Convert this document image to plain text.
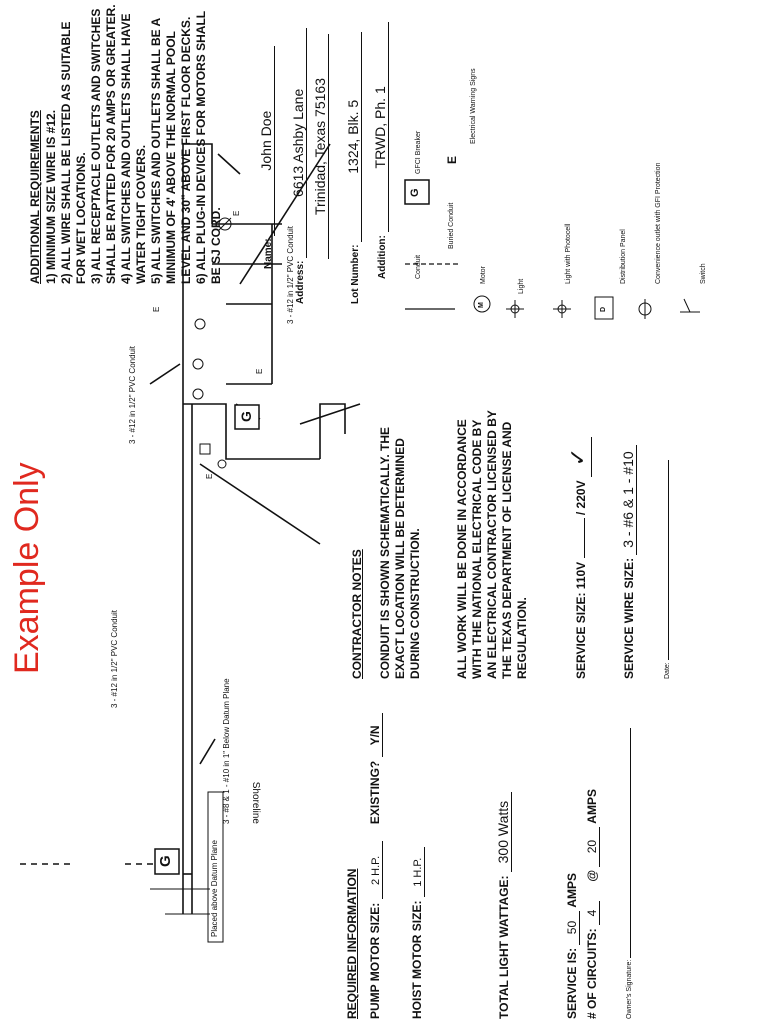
3 - #12 in 1/2" PVC Conduit
3 - #12 in 1/2" PVC Conduit
3 - #12 in 1/2" PVC Conduit
3 - #8 & 1 - #10 in 1" Below Datum Plane Shoreline
Placed above Datum Plane
G
G
E
E
E
E
Example Only
REQUIRED INFORMATION PUMP MOTOR SIZE: 2 H.P. EXISTING? Y/N
HOIST MOTOR SIZE: 1 H.P.
TOTAL LIGHT WATTAGE: 300 Watts
SERVICE IS: 50 AMPS
# OF CIRCUITS: 4 @ 20 AMPS
Owner's Signature:
CONTRACTOR NOTES CONDUIT IS SHOWN SCHEMATICALLY. THE EXACT LOCATION WILL BE DETERMINED DURING CONSTRUCTION.	ALL WORK WILL BE DONE IN ACCORDANCE WITH THE NATIONAL ELECTRICAL CODE BY AN ELECTRICAL CONTRACTOR LICENSED BY THE TEXAS DEPARTMENT OF LICENSE AND REGULATION.	SERVICE SIZE: 110V  / 220V ✓
SERVICE WIRE SIZE: 3 - #6 & 1 - #10
Date:
ADDITIONAL REQUIREMENTS 1) MINIMUM SIZE WIRE IS #12. 2) ALL WIRE SHALL BE LISTED AS SUITABLE FOR WET LOCATIONS. 3) ALL RECEPTACLE OUTLETS AND SWITCHES SHALL BE RATTED FOR 20 AMPS OR GREATER. 4) ALL SWITCHES AND OUTLETS SHALL HAVE WATER TIGHT COVERS. 5) ALL SWITCHES AND OUTLETS SHALL BE A MINIMUM OF 4' ABOVE THE NORMAL POOL LEVEL AND 30" ABOVE FIRST FLOOR DECKS. 6) ALL PLUG-IN DEVICES FOR MOTORS SHALL BE SJ CORD.	Name: John Doe
Address: 6613 Ashby Lane Trinidad, Texas 75163
Lot Number: 1324, Blk. 5
Addition: TRWD, Ph. 1
Conduit
G
GFCI Breaker
Buried Conduit
E
Electrical Warning Signs
M
Motor
Light
Light with Photocell
D
Distribution Panel	Convenience outlet with GFI Protection	Switch
